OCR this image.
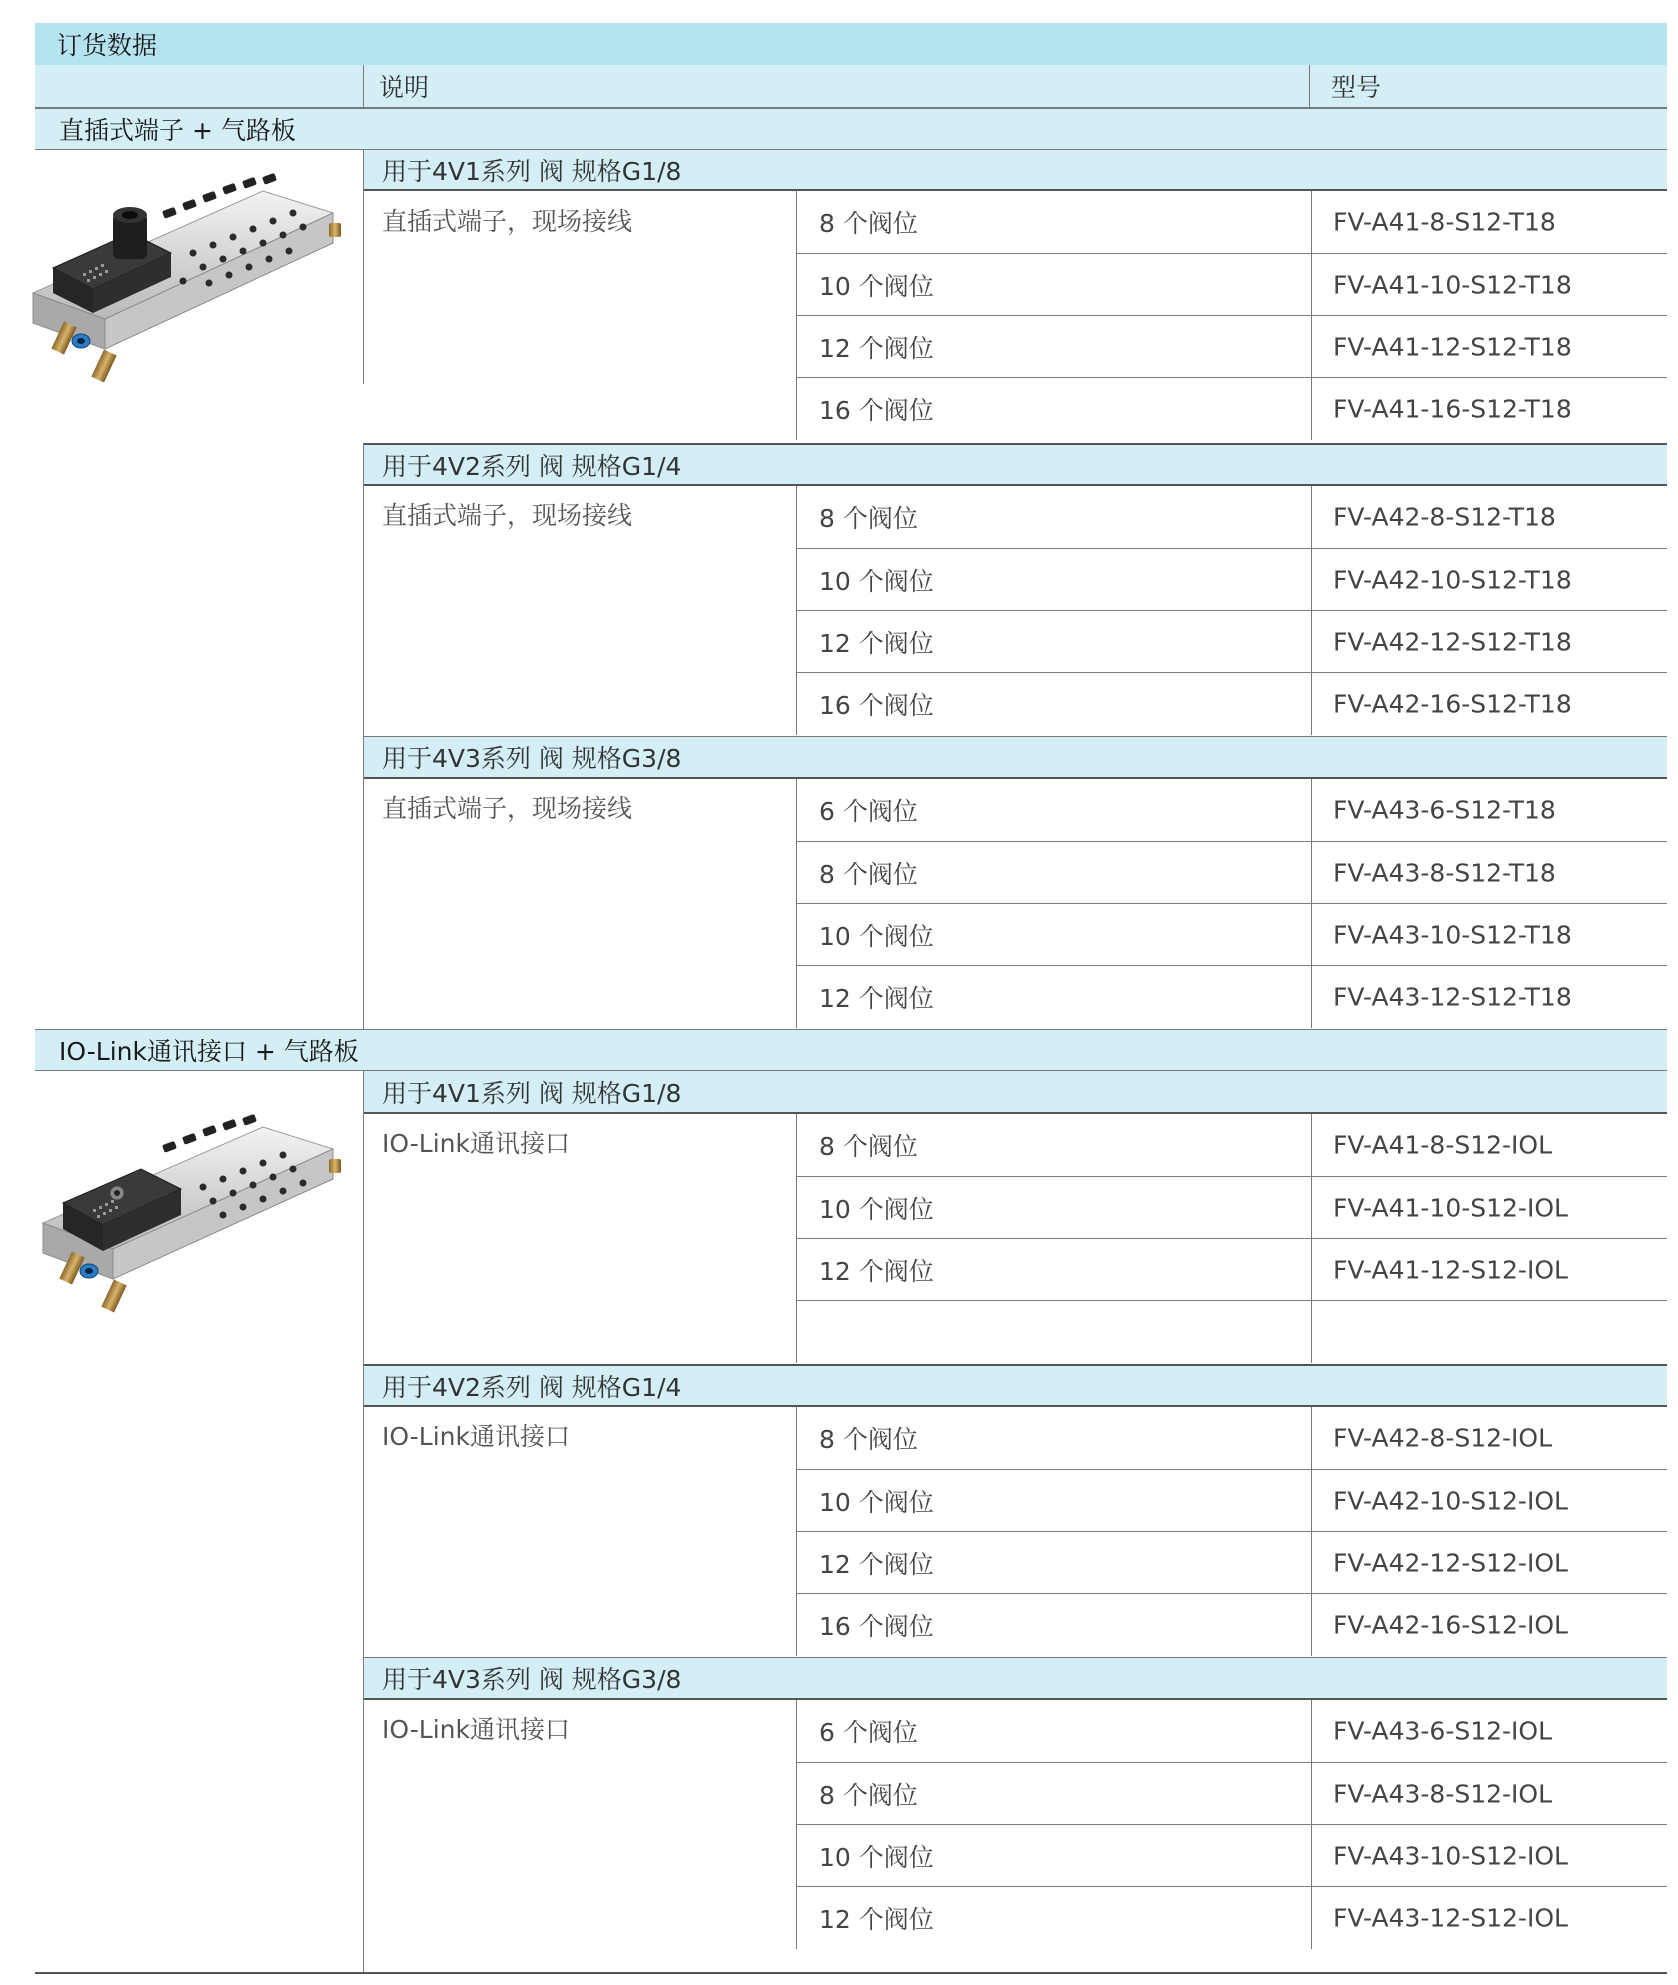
订货数据
说明	型号
直插式端子 + 气路板
用于4V1系列 阀 规格G1/8
直插式端子，现场接线	8 个阀位	FV-A41-8-S12-T18
10 个阀位	FV-A41-10-S12-T18
12 个阀位	FV-A41-12-S12-T18
16 个阀位	FV-A41-16-S12-T18
用于4V2系列 阀 规格G1/4
直插式端子，现场接线	8 个阀位	FV-A42-8-S12-T18
10 个阀位	FV-A42-10-S12-T18
12 个阀位	FV-A42-12-S12-T18
16 个阀位	FV-A42-16-S12-T18
用于4V3系列 阀 规格G3/8
直插式端子，现场接线	6 个阀位	FV-A43-6-S12-T18
8 个阀位	FV-A43-8-S12-T18
10 个阀位	FV-A43-10-S12-T18
12 个阀位	FV-A43-12-S12-T18
IO-Link通讯接口 + 气路板
用于4V1系列 阀 规格G1/8
IO-Link通讯接口	8 个阀位	FV-A41-8-S12-IOL
10 个阀位	FV-A41-10-S12-IOL
12 个阀位	FV-A41-12-S12-IOL
用于4V2系列 阀 规格G1/4
IO-Link通讯接口	8 个阀位	FV-A42-8-S12-IOL
10 个阀位	FV-A42-10-S12-IOL
12 个阀位	FV-A42-12-S12-IOL
16 个阀位	FV-A42-16-S12-IOL
用于4V3系列 阀 规格G3/8
IO-Link通讯接口	6 个阀位	FV-A43-6-S12-IOL
8 个阀位	FV-A43-8-S12-IOL
10 个阀位	FV-A43-10-S12-IOL
12 个阀位	FV-A43-12-S12-IOL
